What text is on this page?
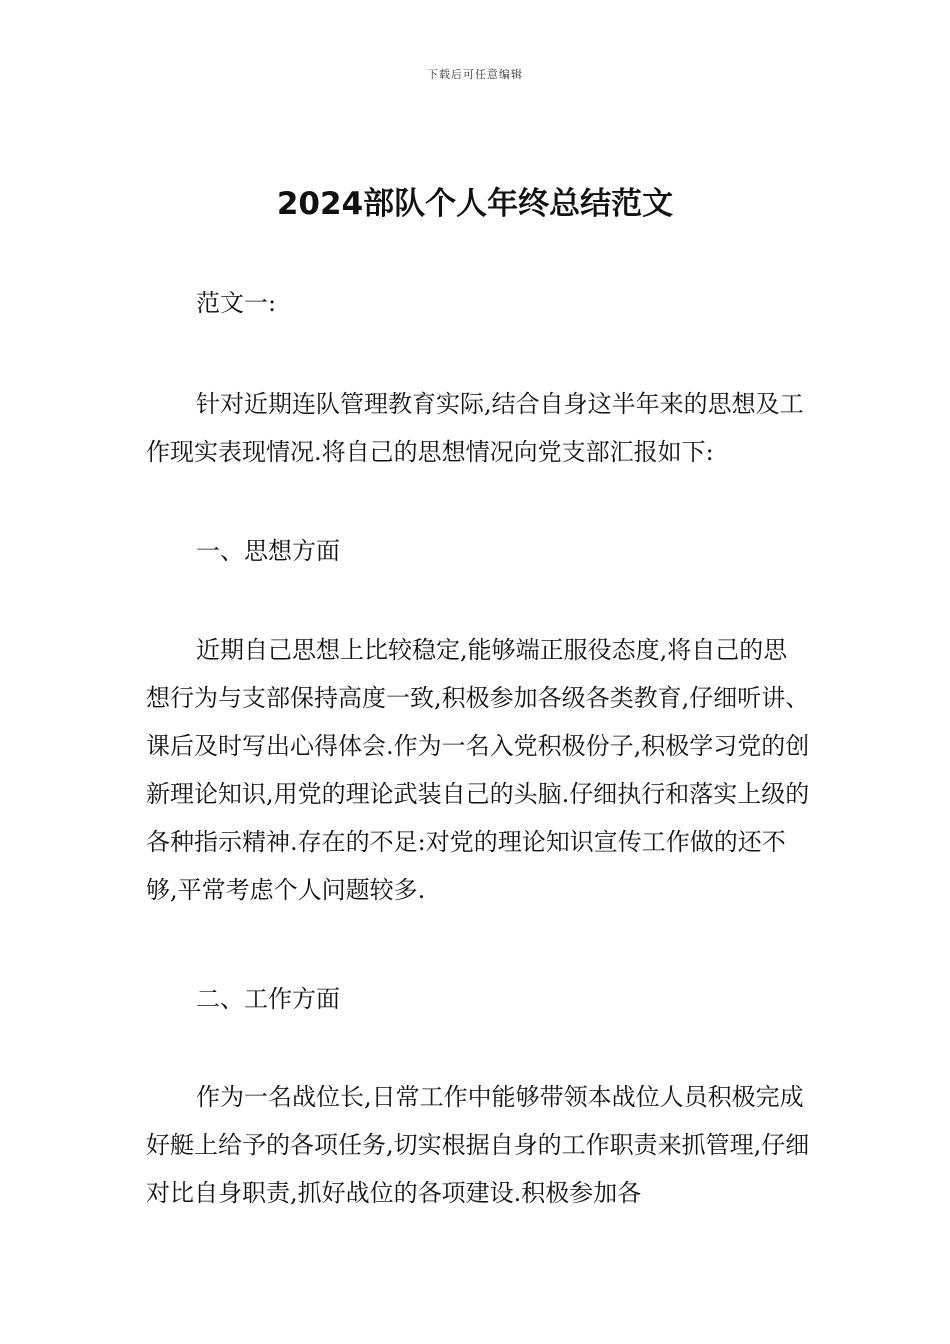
下载后可任意编辑
2024部队个人年终总结范文

范文一:

针对近期连队管理教育实际,结合自身这半年来的思想及工作现实表现情况.将自己的思想情况向党支部汇报如下:

一、思想方面

近期自己思想上比较稳定,能够端正服役态度,将自己的思想行为与支部保持高度一致,积极参加各级各类教育,仔细听讲、课后及时写出心得体会.作为一名入党积极份子,积极学习党的创新理论知识,用党的理论武装自己的头脑.仔细执行和落实上级的各种指示精神.存在的不足:对党的理论知识宣传工作做的还不够,平常考虑个人问题较多.

二、工作方面

作为一名战位长,日常工作中能够带领本战位人员积极完成好艇上给予的各项任务,切实根据自身的工作职责来抓管理,仔细对比自身职责,抓好战位的各项建设.积极参加各
